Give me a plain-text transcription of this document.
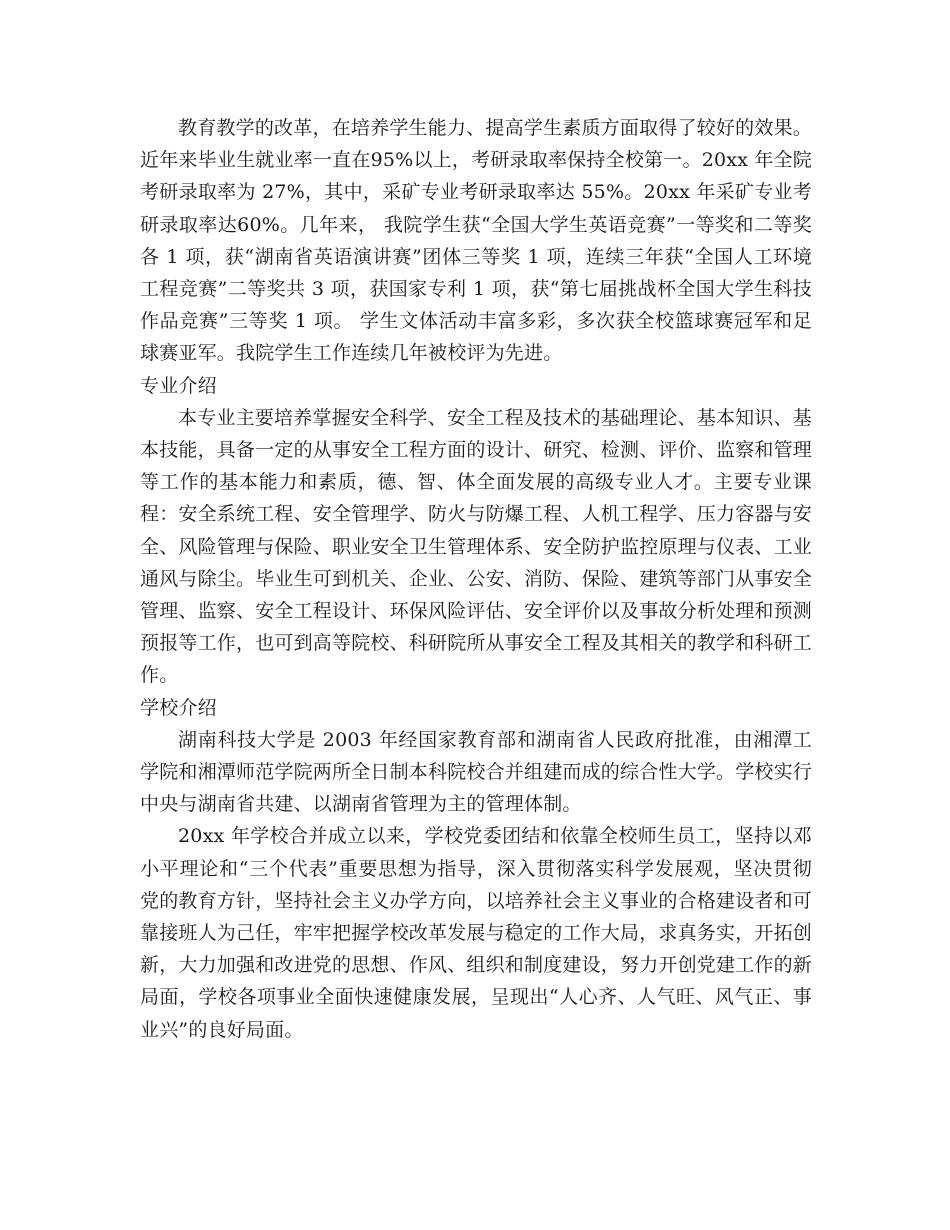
教育教学的改革，在培养学生能力、提高学生素质方面取得了较好的效果。近年来毕业生就业率一直在95%以上，考研录取率保持全校第一。20xx 年全院考研录取率为 27%，其中，采矿专业考研录取率达 55%。20xx 年采矿专业考研录取率达60%。几年来， 我院学生获“全国大学生英语竞赛”一等奖和二等奖各 1 项，获“湖南省英语演讲赛”团体三等奖 1 项，连续三年获“全国人工环境工程竞赛”二等奖共 3 项，获国家专利 1 项，获“第七届挑战杯全国大学生科技作品竞赛”三等奖 1 项。 学生文体活动丰富多彩，多次获全校篮球赛冠军和足球赛亚军。我院学生工作连续几年被校评为先进。

专业介绍

本专业主要培养掌握安全科学、安全工程及技术的基础理论、基本知识、基本技能，具备一定的从事安全工程方面的设计、研究、检测、评价、监察和管理等工作的基本能力和素质，德、智、体全面发展的高级专业人才。主要专业课程：安全系统工程、安全管理学、防火与防爆工程、人机工程学、压力容器与安全、风险管理与保险、职业安全卫生管理体系、安全防护监控原理与仪表、工业通风与除尘。毕业生可到机关、企业、公安、消防、保险、建筑等部门从事安全管理、监察、安全工程设计、环保风险评估、安全评价以及事故分析处理和预测预报等工作，也可到高等院校、科研院所从事安全工程及其相关的教学和科研工作。

学校介绍

湖南科技大学是 2003 年经国家教育部和湖南省人民政府批准，由湘潭工学院和湘潭师范学院两所全日制本科院校合并组建而成的综合性大学。学校实行中央与湖南省共建、以湖南省管理为主的管理体制。

20xx 年学校合并成立以来，学校党委团结和依靠全校师生员工，坚持以邓小平理论和“三个代表”重要思想为指导，深入贯彻落实科学发展观，坚决贯彻党的教育方针，坚持社会主义办学方向，以培养社会主义事业的合格建设者和可靠接班人为己任，牢牢把握学校改革发展与稳定的工作大局，求真务实，开拓创新，大力加强和改进党的思想、作风、组织和制度建设，努力开创党建工作的新局面，学校各项事业全面快速健康发展，呈现出“人心齐、人气旺、风气正、事业兴”的良好局面。
